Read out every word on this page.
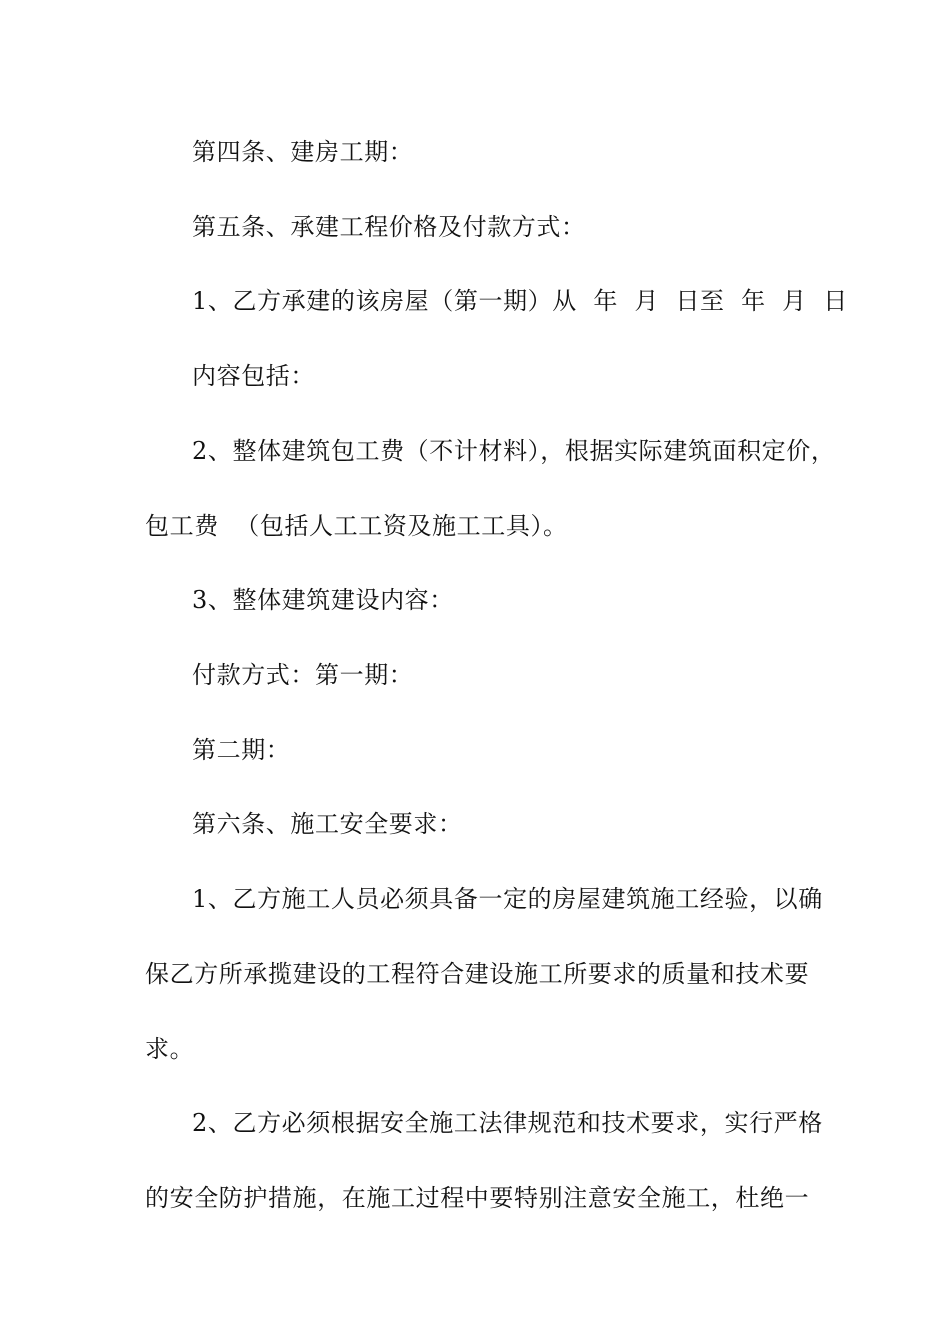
第四条、建房工期：
第五条、承建工程价格及付款方式：
1、乙方承建的该房屋（第一期）从  年  月  日至  年  月  日
内容包括：
2、整体建筑包工费（不计材料），根据实际建筑面积定价，
包工费  （包括人工工资及施工工具）。
3、整体建筑建设内容：
付款方式：第一期：
第二期：
第六条、施工安全要求：
1、乙方施工人员必须具备一定的房屋建筑施工经验，以确
保乙方所承揽建设的工程符合建设施工所要求的质量和技术要
求。
2、乙方必须根据安全施工法律规范和技术要求，实行严格
的安全防护措施，在施工过程中要特别注意安全施工，杜绝一
